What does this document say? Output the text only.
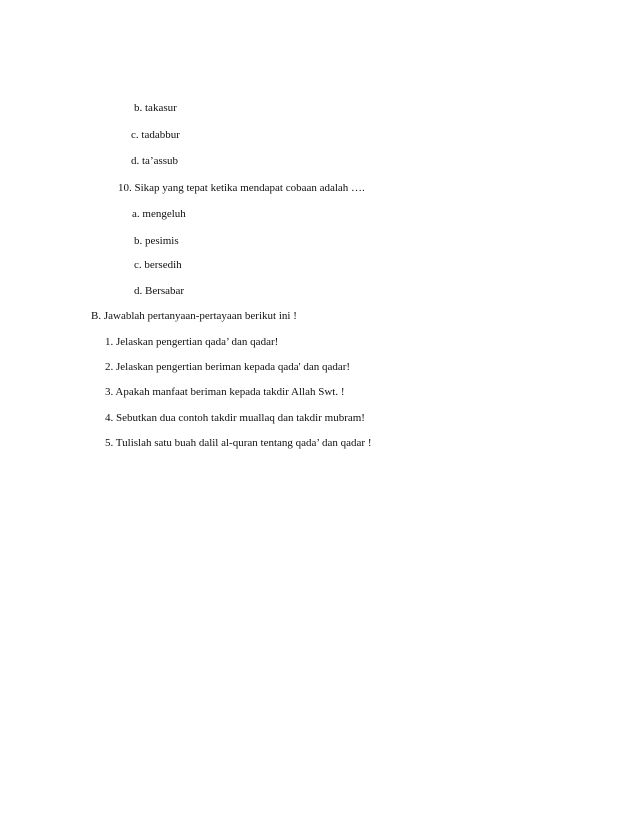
b. takasur
c. tadabbur
d. ta’assub
10. Sikap yang tepat ketika mendapat cobaan adalah ….
a. mengeluh
b. pesimis
c. bersedih
d. Bersabar
B. Jawablah pertanyaan-pertayaan berikut ini !
1. Jelaskan pengertian qada’ dan qadar!
2. Jelaskan pengertian beriman kepada qada' dan qadar!
3. Apakah manfaat beriman kepada takdir Allah Swt. !
4. Sebutkan dua contoh takdir muallaq dan takdir mubram!
5. Tulislah satu buah dalil al-quran tentang qada’ dan qadar !
